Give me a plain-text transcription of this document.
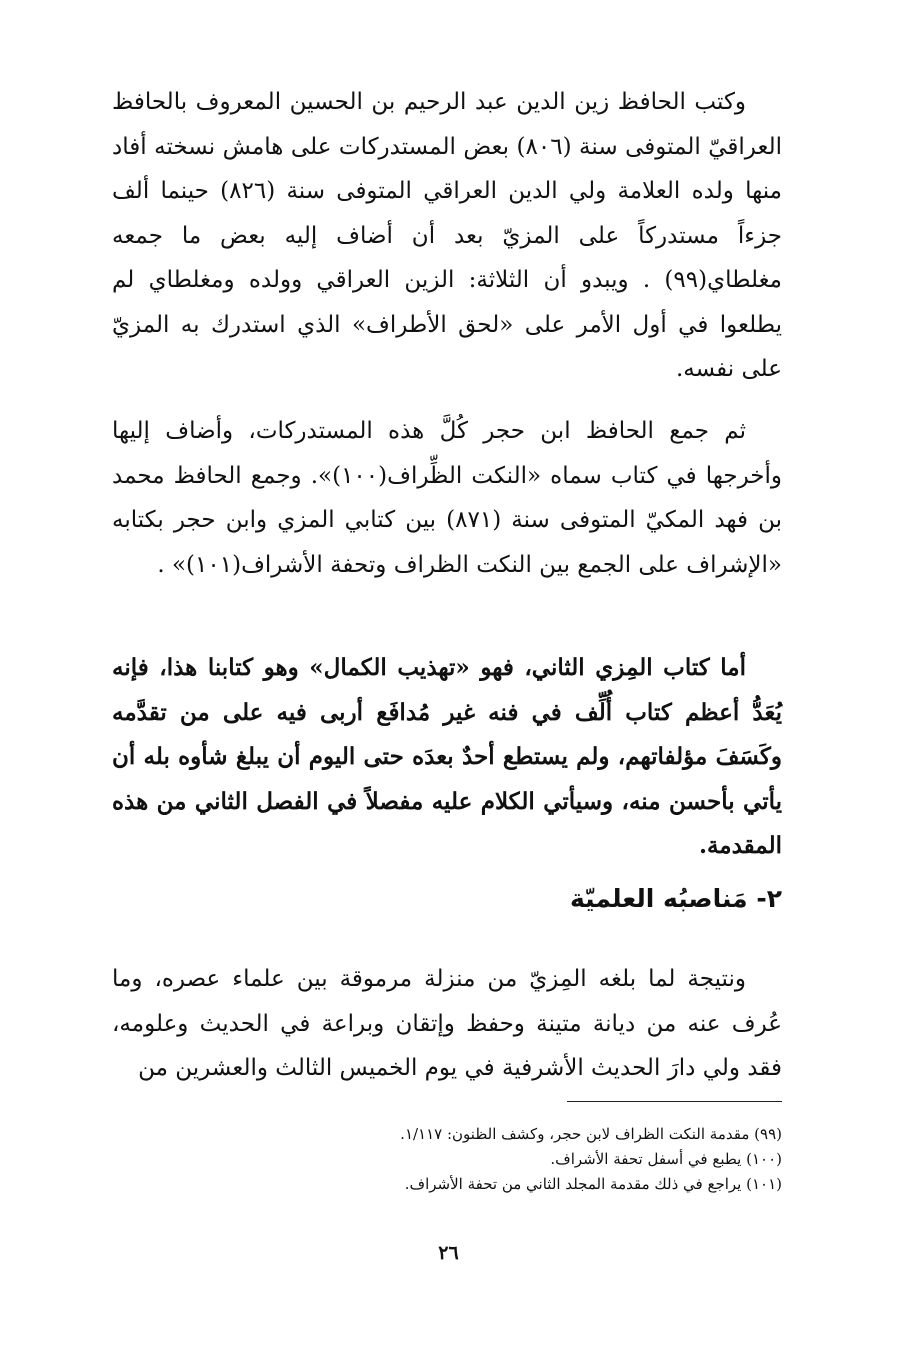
وكتب الحافظ زين الدين عبد الرحيم بن الحسين المعروف بالحافظ العراقيّ المتوفى سنة (٨٠٦) بعض المستدركات على هامش نسخته أفاد منها ولده العلامة ولي الدين العراقي المتوفى سنة (٨٢٦) حينما ألف جزءاً مستدركاً على المزيّ بعد أن أضاف إليه بعض ما جمعه مغلطاي(٩٩) . ويبدو أن الثلاثة: الزين العراقي وولده ومغلطاي لم يطلعوا في أول الأمر على «لحق الأطراف» الذي استدرك به المزيّ على نفسه.

ثم جمع الحافظ ابن حجر كُلَّ هذه المستدركات، وأضاف إليها وأخرجها في كتاب سماه «النكت الظِّراف(١٠٠)». وجمع الحافظ محمد بن فهد المكيّ المتوفى سنة (٨٧١) بين كتابي المزي وابن حجر بكتابه «الإشراف على الجمع بين النكت الظراف وتحفة الأشراف(١٠١)» .

أما كتاب المِزي الثاني، فهو «تهذيب الكمال» وهو كتابنا هذا، فإنه يُعَدُّ أعظم كتاب أُلِّف في فنه غير مُدافَع أربى فيه على من تقدَّمه وكَسَفَ مؤلفاتهم، ولم يستطع أحدٌ بعدَه حتى اليوم أن يبلغ شأوه بله أن يأتي بأحسن منه، وسيأتي الكلام عليه مفصلاً في الفصل الثاني من هذه المقدمة.

٢- مَناصبُه العلميّة

ونتيجة لما بلغه المِزيّ من منزلة مرموقة بين علماء عصره، وما عُرف عنه من ديانة متينة وحفظ وإتقان وبراعة في الحديث وعلومه، فقد ولي دارَ الحديث الأشرفية في يوم الخميس الثالث والعشرين من

(٩٩) مقدمة النكت الظراف لابن حجر، وكشف الظنون: ١/١١٧.
(١٠٠) يطبع في أسفل تحفة الأشراف.
(١٠١) يراجع في ذلك مقدمة المجلد الثاني من تحفة الأشراف.
٢٦
